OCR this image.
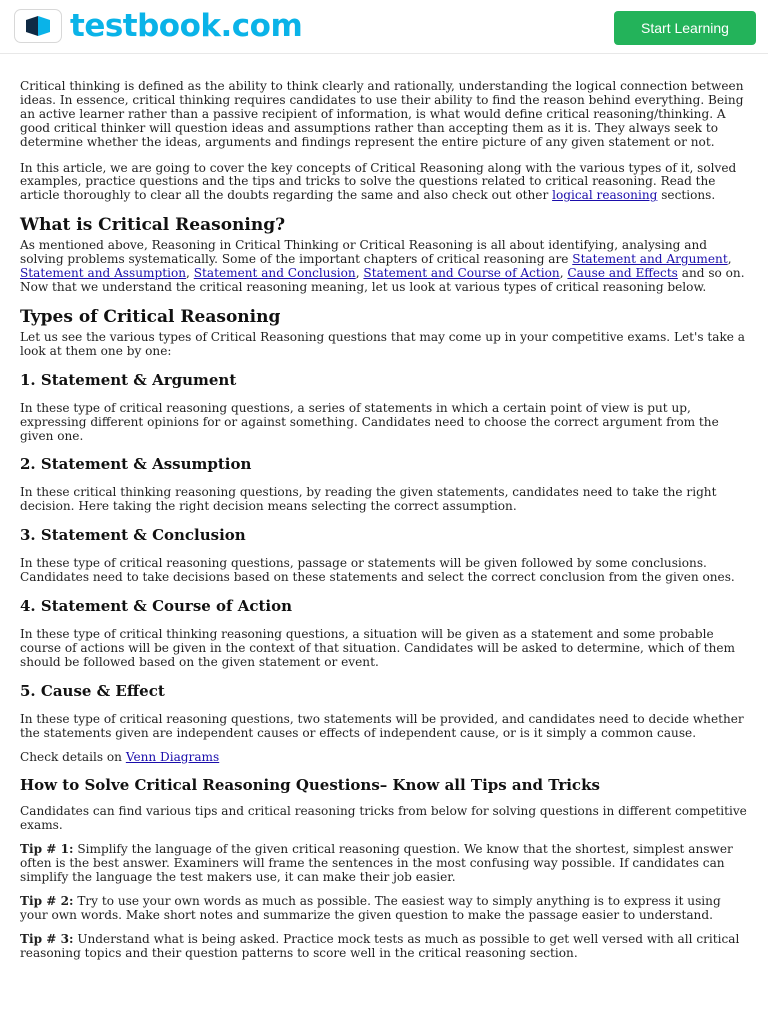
testbook.com	Start Learning

Critical thinking is defined as the ability to think clearly and rationally, understanding the logical connection between ideas. In essence, critical thinking requires candidates to use their ability to find the reason behind everything. Being an active learner rather than a passive recipient of information, is what would define critical reasoning/thinking. A good critical thinker will question ideas and assumptions rather than accepting them as it is. They always seek to determine whether the ideas, arguments and findings represent the entire picture of any given statement or not.

In this article, we are going to cover the key concepts of Critical Reasoning along with the various types of it, solved examples, practice questions and the tips and tricks to solve the questions related to critical reasoning. Read the article thoroughly to clear all the doubts regarding the same and also check out other logical reasoning sections.

What is Critical Reasoning?

As mentioned above, Reasoning in Critical Thinking or Critical Reasoning is all about identifying, analysing and solving problems systematically. Some of the important chapters of critical reasoning are Statement and Argument, Statement and Assumption, Statement and Conclusion, Statement and Course of Action, Cause and Effects and so on. Now that we understand the critical reasoning meaning, let us look at various types of critical reasoning below.

Types of Critical Reasoning

Let us see the various types of Critical Reasoning questions that may come up in your competitive exams. Let's take a look at them one by one:

1. Statement & Argument

In these type of critical reasoning questions, a series of statements in which a certain point of view is put up, expressing different opinions for or against something. Candidates need to choose the correct argument from the given one.

2. Statement & Assumption

In these critical thinking reasoning questions, by reading the given statements, candidates need to take the right decision. Here taking the right decision means selecting the correct assumption.

3. Statement & Conclusion

In these type of critical reasoning questions, passage or statements will be given followed by some conclusions. Candidates need to take decisions based on these statements and select the correct conclusion from the given ones.

4. Statement & Course of Action

In these type of critical thinking reasoning questions, a situation will be given as a statement and some probable course of actions will be given in the context of that situation. Candidates will be asked to determine, which of them should be followed based on the given statement or event.

5. Cause & Effect

In these type of critical reasoning questions, two statements will be provided, and candidates need to decide whether the statements given are independent causes or effects of independent cause, or is it simply a common cause.

Check details on Venn Diagrams

How to Solve Critical Reasoning Questions– Know all Tips and Tricks

Candidates can find various tips and critical reasoning tricks from below for solving questions in different competitive exams.

Tip # 1: Simplify the language of the given critical reasoning question. We know that the shortest, simplest answer often is the best answer. Examiners will frame the sentences in the most confusing way possible. If candidates can simplify the language the test makers use, it can make their job easier.

Tip # 2: Try to use your own words as much as possible. The easiest way to simply anything is to express it using your own words. Make short notes and summarize the given question to make the passage easier to understand.

Tip # 3: Understand what is being asked. Practice mock tests as much as possible to get well versed with all critical reasoning topics and their question patterns to score well in the critical reasoning section.
